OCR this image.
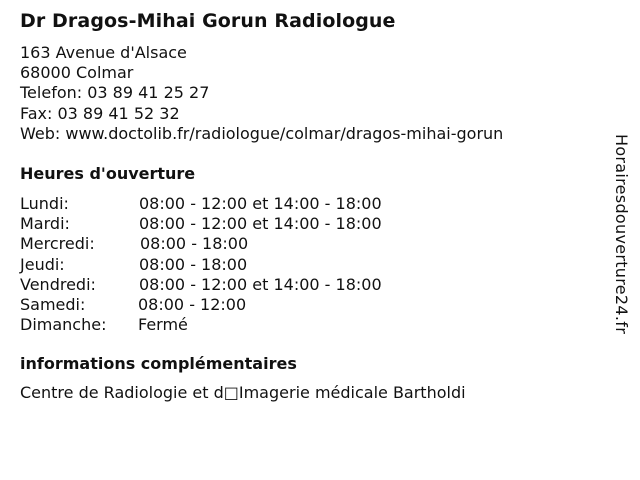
Dr Dragos-Mihai Gorun Radiologue
163 Avenue d'Alsace
68000 Colmar
Telefon: 03 89 41 25 27
Fax: 03 89 41 52 32
Web: www.doctolib.fr/radiologue/colmar/dragos-mihai-gorun
Heures d'ouverture
Lundi:	08:00 - 12:00 et 14:00 - 18:00
Mardi:	08:00 - 12:00 et 14:00 - 18:00
Mercredi:	08:00 - 18:00
Jeudi:	08:00 - 18:00
Vendredi:	08:00 - 12:00 et 14:00 - 18:00
Samedi:	08:00 - 12:00
Dimanche: Fermé
informations complémentaires
Centre de Radiologie et d□Imagerie médicale Bartholdi
Horairesdouverture24.fr
